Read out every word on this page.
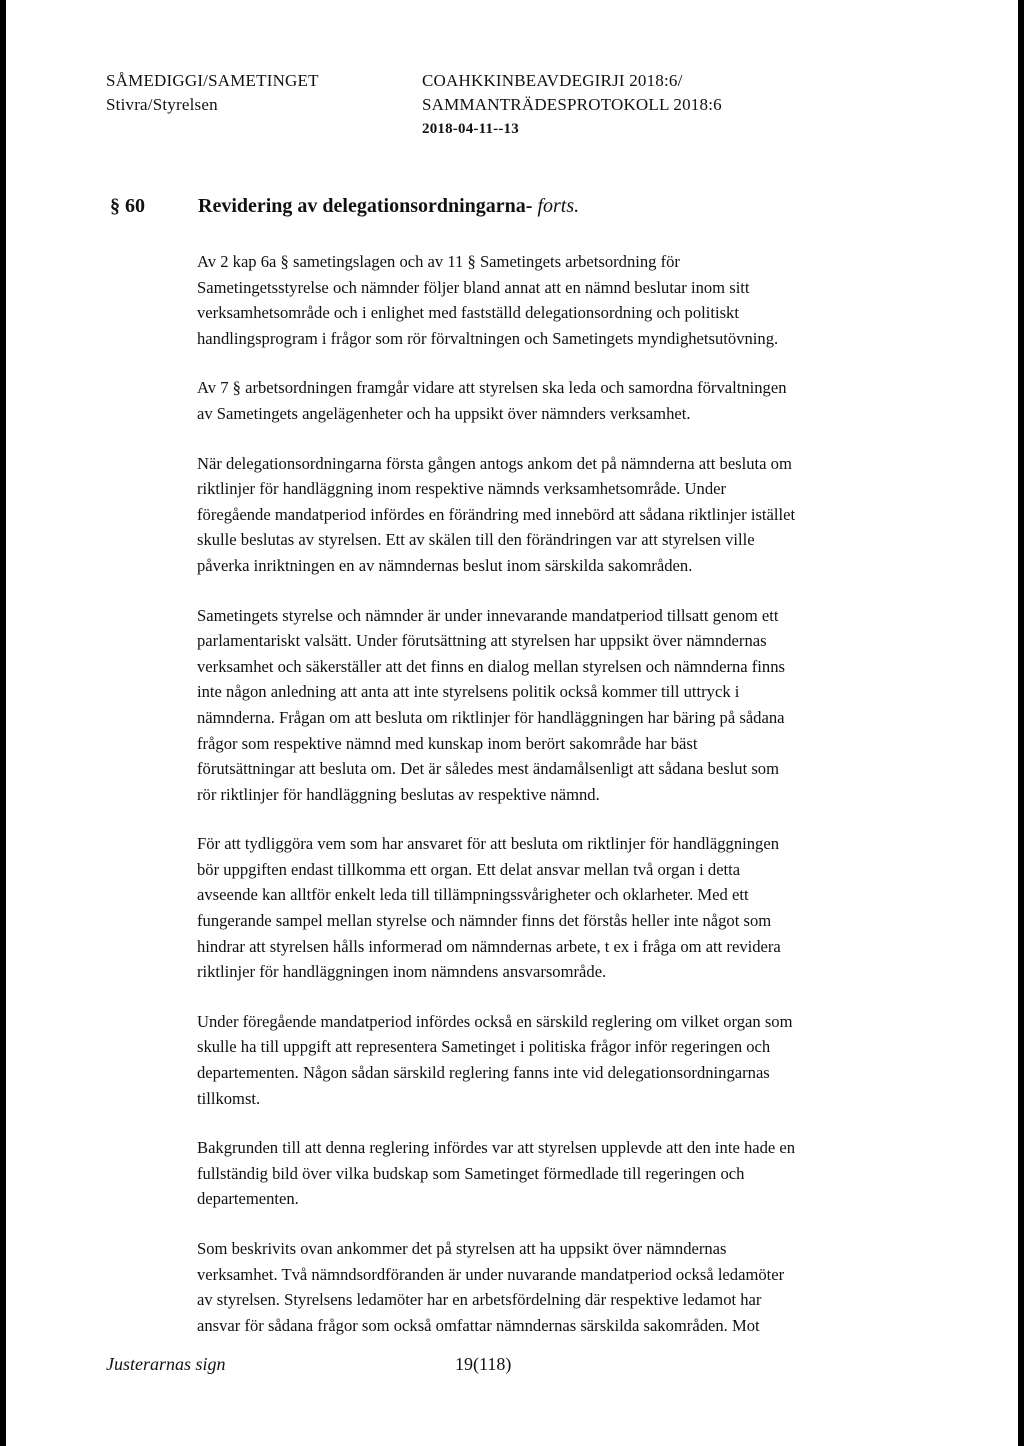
SÅMEDIGGI/SAMETINGET
Stivra/Styrelsen
COAHKKINBEAVDEGIRJI 2018:6/
SAMMANTRÄDESPROTOKOLL 2018:6
2018-04-11--13
§ 60	Revidering av delegationsordningarna- forts.

Av 2 kap 6a § sametingslagen och av 11 § Sametingets arbetsordning för
Sametingetsstyrelse och nämnder följer bland annat att en nämnd beslutar inom sitt
verksamhetsområde och i enlighet med fastställd delegationsordning och politiskt
handlingsprogram i frågor som rör förvaltningen och Sametingets myndighetsutövning.

Av 7 § arbetsordningen framgår vidare att styrelsen ska leda och samordna förvaltningen
av Sametingets angelägenheter och ha uppsikt över nämnders verksamhet.

När delegationsordningarna första gången antogs ankom det på nämnderna att besluta om
riktlinjer för handläggning inom respektive nämnds verksamhetsområde. Under
föregående mandatperiod infördes en förändring med innebörd att sådana riktlinjer istället
skulle beslutas av styrelsen. Ett av skälen till den förändringen var att styrelsen ville
påverka inriktningen en av nämndernas beslut inom särskilda sakområden.

Sametingets styrelse och nämnder är under innevarande mandatperiod tillsatt genom ett
parlamentariskt valsätt. Under förutsättning att styrelsen har uppsikt över nämndernas
verksamhet och säkerställer att det finns en dialog mellan styrelsen och nämnderna finns
inte någon anledning att anta att inte styrelsens politik också kommer till uttryck i
nämnderna. Frågan om att besluta om riktlinjer för handläggningen har bäring på sådana
frågor som respektive nämnd med kunskap inom berört sakområde har bäst
förutsättningar att besluta om. Det är således mest ändamålsenligt att sådana beslut som
rör riktlinjer för handläggning beslutas av respektive nämnd.

För att tydliggöra vem som har ansvaret för att besluta om riktlinjer för handläggningen
bör uppgiften endast tillkomma ett organ. Ett delat ansvar mellan två organ i detta
avseende kan alltför enkelt leda till tillämpningssvårigheter och oklarheter. Med ett
fungerande sampel mellan styrelse och nämnder finns det förstås heller inte något som
hindrar att styrelsen hålls informerad om nämndernas arbete, t ex i fråga om att revidera
riktlinjer för handläggningen inom nämndens ansvarsområde.

Under föregående mandatperiod infördes också en särskild reglering om vilket organ som
skulle ha till uppgift att representera Sametinget i politiska frågor inför regeringen och
departementen. Någon sådan särskild reglering fanns inte vid delegationsordningarnas
tillkomst.

Bakgrunden till att denna reglering infördes var att styrelsen upplevde att den inte hade en
fullständig bild över vilka budskap som Sametinget förmedlade till regeringen och
departementen.

Som beskrivits ovan ankommer det på styrelsen att ha uppsikt över nämndernas
verksamhet. Två nämndsordföranden är under nuvarande mandatperiod också ledamöter
av styrelsen. Styrelsens ledamöter har en arbetsfördelning där respektive ledamot har
ansvar för sådana frågor som också omfattar nämndernas särskilda sakområden. Mot

Justerarnas sign	19(118)
